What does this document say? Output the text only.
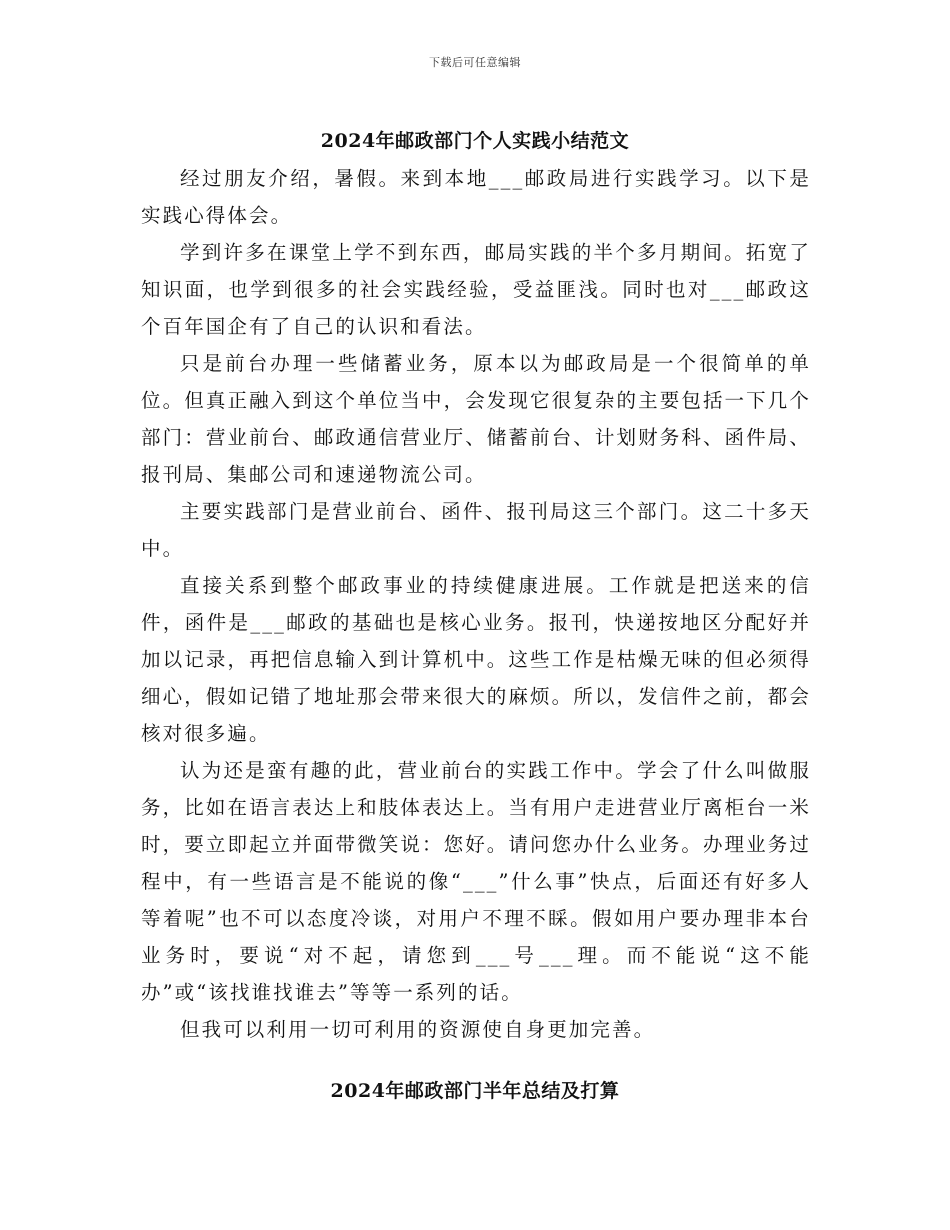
下载后可任意编辑
2024年邮政部门个人实践小结范文

经过朋友介绍，暑假。来到本地___邮政局进行实践学习。以下是实践心得体会。

学到许多在课堂上学不到东西，邮局实践的半个多月期间。拓宽了知识面，也学到很多的社会实践经验，受益匪浅。同时也对___邮政这个百年国企有了自己的认识和看法。

只是前台办理一些储蓄业务，原本以为邮政局是一个很简单的单位。但真正融入到这个单位当中，会发现它很复杂的主要包括一下几个部门：营业前台、邮政通信营业厅、储蓄前台、计划财务科、函件局、报刊局、集邮公司和速递物流公司。

主要实践部门是营业前台、函件、报刊局这三个部门。这二十多天中。

直接关系到整个邮政事业的持续健康进展。工作就是把送来的信件，函件是___邮政的基础也是核心业务。报刊，快递按地区分配好并加以记录，再把信息输入到计算机中。这些工作是枯燥无味的但必须得细心，假如记错了地址那会带来很大的麻烦。所以，发信件之前，都会核对很多遍。

认为还是蛮有趣的此，营业前台的实践工作中。学会了什么叫做服务，比如在语言表达上和肢体表达上。当有用户走进营业厅离柜台一米时，要立即起立并面带微笑说：您好。请问您办什么业务。办理业务过程中，有一些语言是不能说的像“___”什么事”快点，后面还有好多人等着呢”也不可以态度冷谈，对用户不理不睬。假如用户要办理非本台业务时，要说“对不起，请您到___号___理。而不能说“这不能办”或“该找谁找谁去”等等一系列的话。

但我可以利用一切可利用的资源使自身更加完善。

2024年邮政部门半年总结及打算
